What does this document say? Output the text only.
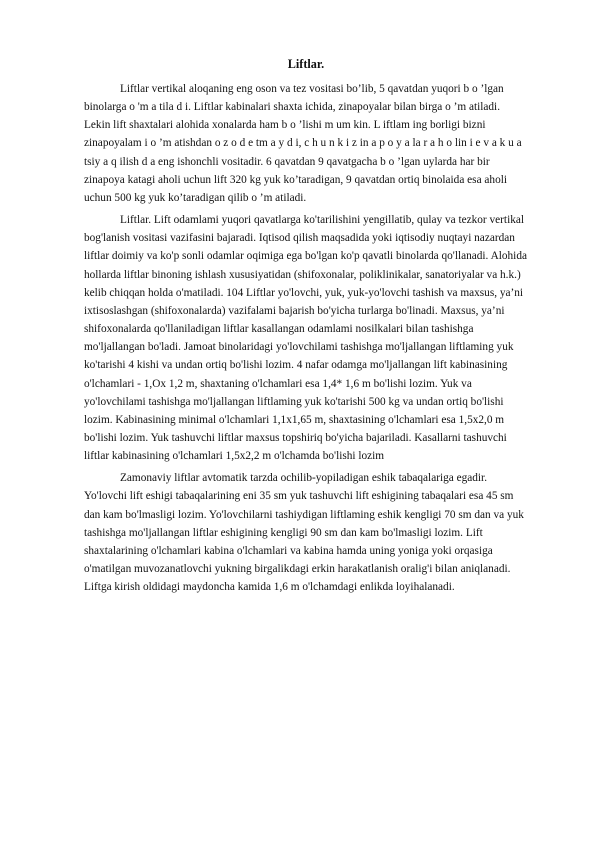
Liftlar.

Liftlar vertikal aloqaning eng oson va tez vositasi bo’lib, 5 qavatdan yuqori b o ’lgan binolarga o 'm a tila d i. Liftlar kabinalari shaxta ichida, zinapoyalar bilan birga o ’m atiladi. Lekin lift shaxtalari alohida xonalarda ham b o ’lishi m um kin. L iftlam ing borligi bizni zinapoyalam i o ’m atishdan o z o d e tm a y d i, c h u n k i z in a p o y a la r a h o lin i e v a k u a tsiy a q ilish d a eng ishonchli vositadir. 6 qavatdan 9 qavatgacha b o ’lgan uylarda har bir zinapoya katagi aholi uchun lift 320 kg yuk ko’taradigan, 9 qavatdan ortiq binolaida esa aholi uchun 500 kg yuk ko’taradigan qilib o ’m atiladi.

Liftlar. Lift odamlami yuqori qavatlarga ko'tarilishini yengillatib, qulay va tezkor vertikal bog'lanish vositasi vazifasini bajaradi. Iqtisod qilish maqsadida yoki iqtisodiy nuqtayi nazardan liftlar doimiy va ko'p sonli odamlar oqimiga ega bo'lgan ko'p qavatli binolarda qo'llanadi. Alohida hollarda liftlar binoning ishlash xususiyatidan (shifoxonalar, poliklinikalar, sanatoriyalar va h.k.) kelib chiqqan holda o'matiladi. 104 Liftlar yo'lovchi, yuk, yuk-yo'lovchi tashish va maxsus, ya’ni ixtisoslashgan (shifoxonalarda) vazifalami bajarish bo'yicha turlarga bo'linadi. Maxsus, ya’ni shifoxonalarda qo'llaniladigan liftlar kasallangan odamlami nosilkalari bilan tashishga mo'ljallangan bo'ladi. Jamoat binolaridagi yo'lovchilami tashishga mo'ljallangan liftlaming yuk ko'tarishi 4 kishi va undan ortiq bo'lishi lozim. 4 nafar odamga mo'ljallangan lift kabinasining o'lchamlari - 1,Ox 1,2 m, shaxtaning o'lchamlari esa 1,4* 1,6 m bo'lishi lozim. Yuk va yo'lovchilami tashishga mo'ljallangan liftlaming yuk ko'tarishi 500 kg va undan ortiq bo'lishi lozim. Kabinasining minimal o'lchamlari 1,1x1,65 m, shaxtasining o'lchamlari esa 1,5x2,0 m bo'lishi lozim. Yuk tashuvchi liftlar maxsus topshiriq bo'yicha bajariladi. Kasallarni tashuvchi liftlar kabinasining o'lchamlari 1,5x2,2 m o'lchamda bo'lishi lozim

Zamonaviy liftlar avtomatik tarzda ochilib-yopiladigan eshik tabaqalariga egadir. Yo'lovchi lift eshigi tabaqalarining eni 35 sm yuk tashuvchi lift eshigining tabaqalari esa 45 sm dan kam bo'lmasligi lozim. Yo'lovchilarni tashiydigan liftlaming eshik kengligi 70 sm dan va yuk tashishga mo'ljallangan liftlar eshigining kengligi 90 sm dan kam bo'lmasligi lozim. Lift shaxtalarining o'lchamlari kabina o'lchamlari va kabina hamda uning yoniga yoki orqasiga o'matilgan muvozanatlovchi yukning birgalikdagi erkin harakatlanish oralig'i bilan aniqlanadi. Liftga kirish oldidagi maydoncha kamida 1,6 m o'lchamdagi enlikda loyihalanadi.
